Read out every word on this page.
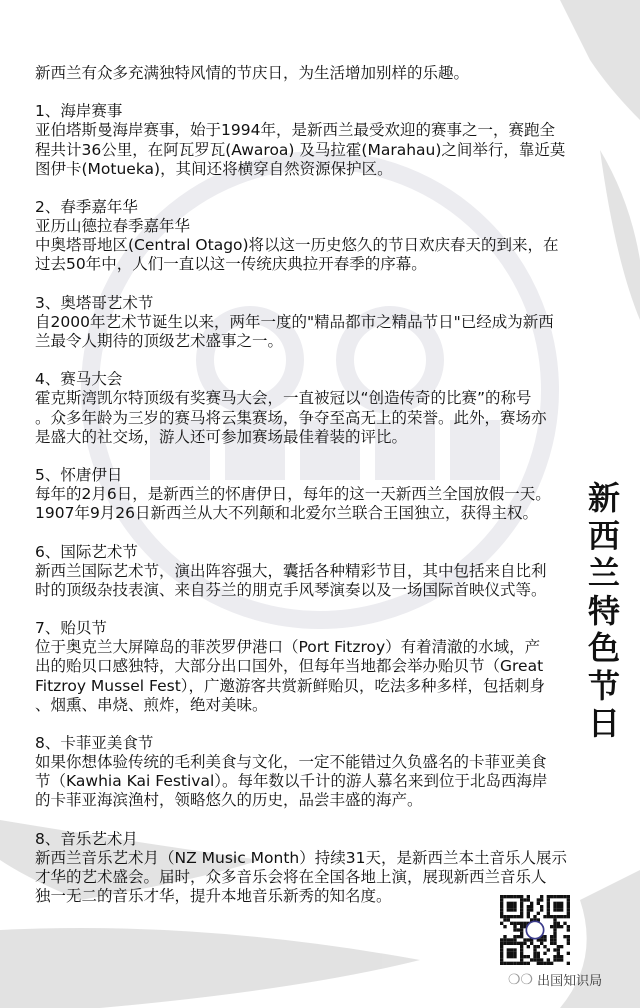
新西兰有众多充满独特风情的节庆日，为生活增加别样的乐趣。
1、海岸赛事
亚伯塔斯曼海岸赛事，始于1994年，是新西兰最受欢迎的赛事之一，赛跑全
程共计36公里，在阿瓦罗瓦(Awaroa) 及马拉霍(Marahau)之间举行，靠近莫
图伊卡(Motueka)，其间还将横穿自然资源保护区。
2、春季嘉年华
亚历山德拉春季嘉年华
中奥塔哥地区(Central Otago)将以这一历史悠久的节日欢庆春天的到来，在
过去50年中，人们一直以这一传统庆典拉开春季的序幕。
3、奥塔哥艺术节
自2000年艺术节诞生以来，两年一度的"精品都市之精品节日"已经成为新西
兰最令人期待的顶级艺术盛事之一。
4、赛马大会
霍克斯湾凯尔特顶级有奖赛马大会，一直被冠以“创造传奇的比赛”的称号
。众多年龄为三岁的赛马将云集赛场，争夺至高无上的荣誉。此外，赛场亦
是盛大的社交场，游人还可参加赛场最佳着装的评比。
5、怀唐伊日
每年的2月6日，是新西兰的怀唐伊日，每年的这一天新西兰全国放假一天。
1907年9月26日新西兰从大不列颠和北爱尔兰联合王国独立，获得主权。
6、国际艺术节
新西兰国际艺术节，演出阵容强大，囊括各种精彩节目，其中包括来自比利
时的顶级杂技表演、来自芬兰的朋克手风琴演奏以及一场国际首映仪式等。
7、贻贝节
位于奥克兰大屏障岛的菲茨罗伊港口（Port Fitzroy）有着清澈的水域，产
出的贻贝口感独特，大部分出口国外，但每年当地都会举办贻贝节（Great
Fitzroy Mussel Fest），广邀游客共赏新鲜贻贝，吃法多种多样，包括刺身
、烟熏、串烧、煎炸，绝对美味。
8、卡菲亚美食节
如果你想体验传统的毛利美食与文化，一定不能错过久负盛名的卡菲亚美食
节（Kawhia Kai Festival）。每年数以千计的游人慕名来到位于北岛西海岸
的卡菲亚海滨渔村，领略悠久的历史，品尝丰盛的海产。
8、音乐艺术月
新西兰音乐艺术月（NZ Music Month）持续31天，是新西兰本土音乐人展示
才华的艺术盛会。届时，众多音乐会将在全国各地上演，展现新西兰音乐人
独一无二的音乐才华，提升本地音乐新秀的知名度。
新
西
兰
特
色
节
日
❍❍ 出国知识局
